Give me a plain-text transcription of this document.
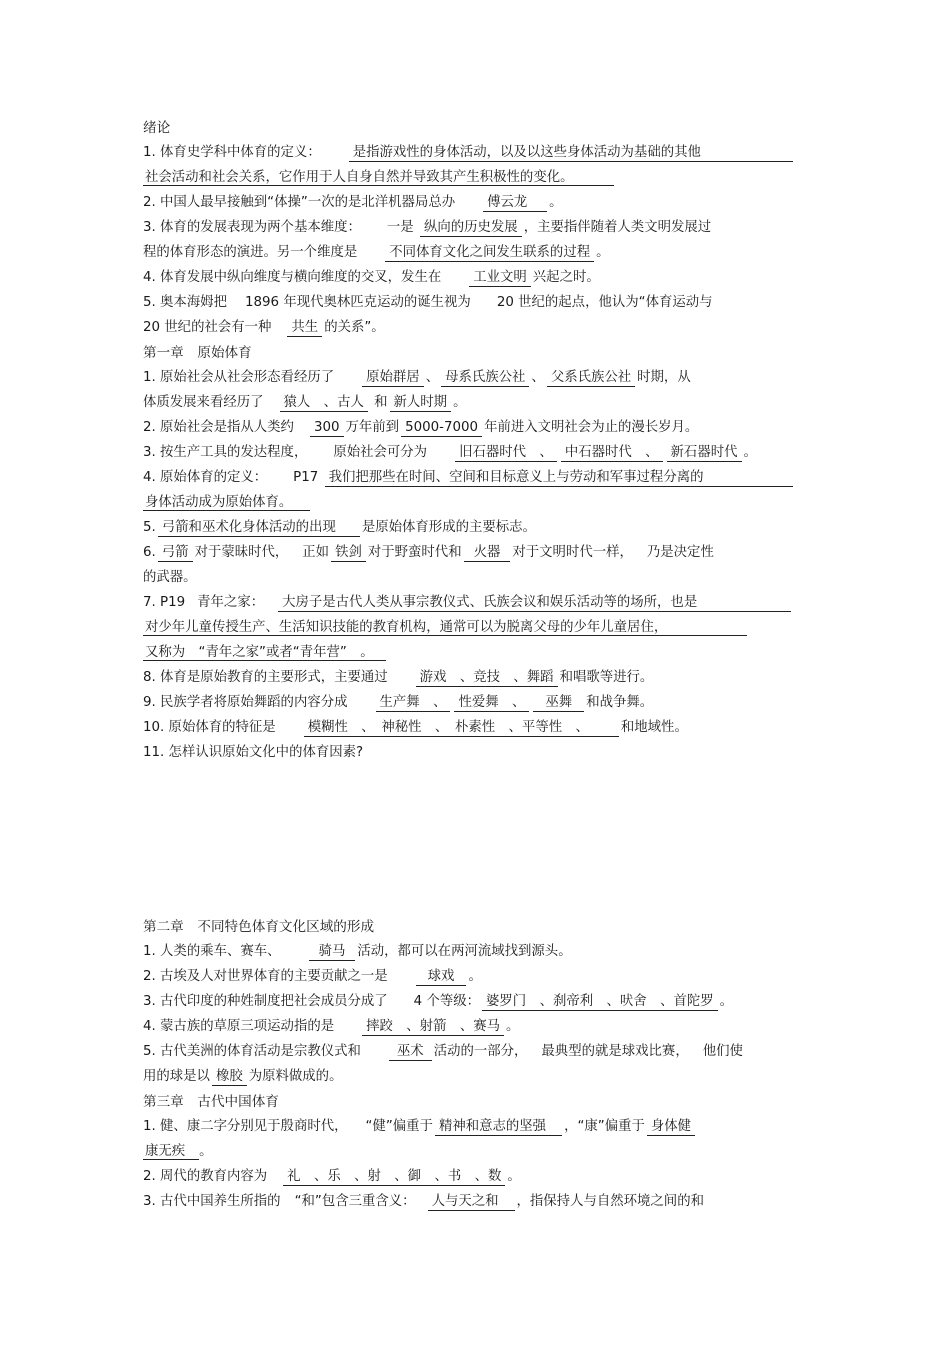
绪论
1. 体育史学科中体育的定义： 是指游戏性的身体活动，以及以这些身体活动为基础的其他
社会活动和社会关系，它作用于人自身自然并导致其产生积极性的变化。
2. 中国人最早接触到“体操”一次的是北洋机器局总办 傅云龙 。
3. 体育的发展表现为两个基本维度： 一是 纵向的历史发展 ，主要指伴随着人类文明发展过
程的体育形态的演进。另一个维度是 不同体育文化之间发生联系的过程 。
4. 体育发展中纵向维度与横向维度的交叉，发生在 工业文明 兴起之时。
5. 奥本海姆把 1896 年现代奥林匹克运动的诞生视为 20 世纪的起点，他认为“体育运动与
20 世纪的社会有一种 共生 的关系”。
第一章　原始体育
1. 原始社会从社会形态看经历了 原始群居 、 母系氏族公社 、 父系氏族公社 时期，从
体质发展来看经历了 猿人　、古人 和 新人时期 。
2. 原始社会是指从人类约 300 万年前到 5000-7000 年前进入文明社会为止的漫长岁月。
3. 按生产工具的发达程度， 原始社会可分为 旧石器时代　、 中石器时代　、 新石器时代 。
4. 原始体育的定义： P17 我们把那些在时间、空间和目标意义上与劳动和军事过程分离的
身体活动成为原始体育。
5. 弓箭和巫术化身体活动的出现 是原始体育形成的主要标志。
6. 弓箭 对于蒙昧时代， 正如 铁剑 对于野蛮时代和 火器 对于文明时代一样， 乃是决定性
的武器。
7. P19 青年之家： 大房子是古代人类从事宗教仪式、氏族会议和娱乐活动等的场所，也是
对少年儿童传授生产、生活知识技能的教育机构，通常可以为脱离父母的少年儿童居住，
又称为　“青年之家”或者“青年营”　。
8. 体育是原始教育的主要形式，主要通过 游戏　、竞技　、舞蹈 和唱歌等进行。
9. 民族学者将原始舞蹈的内容分成 生产舞　、 性爱舞　、 巫舞 和战争舞。
10. 原始体育的特征是 模糊性　、　神秘性　、　朴素性　、平等性　、 和地域性。
11. 怎样认识原始文化中的体育因素?
第二章　不同特色体育文化区域的形成
1. 人类的乘车、赛车、	骑马 活动，都可以在两河流域找到源头。
2. 古埃及人对世界体育的主要贡献之一是	球戏 。
3. 古代印度的种姓制度把社会成员分成了 4 个等级： 婆罗门　、刹帝利　、吠舍　、首陀罗 。
4. 蒙古族的草原三项运动指的是 摔跤　、射箭　、赛马 。
5. 古代美洲的体育活动是宗教仪式和	巫术 活动的一部分， 最典型的就是球戏比赛， 他们使
用的球是以 橡胶 为原料做成的。
第三章　古代中国体育
1. 健、康二字分别见于殷商时代， “健”偏重于 精神和意志的坚强 ，“康”偏重于 身体健
康无疾 。
2. 周代的教育内容为 礼　、乐　、射　、御　、书　、数 。
3. 古代中国养生所指的 “和”包含三重含义： 人与天之和 ，指保持人与自然环境之间的和
